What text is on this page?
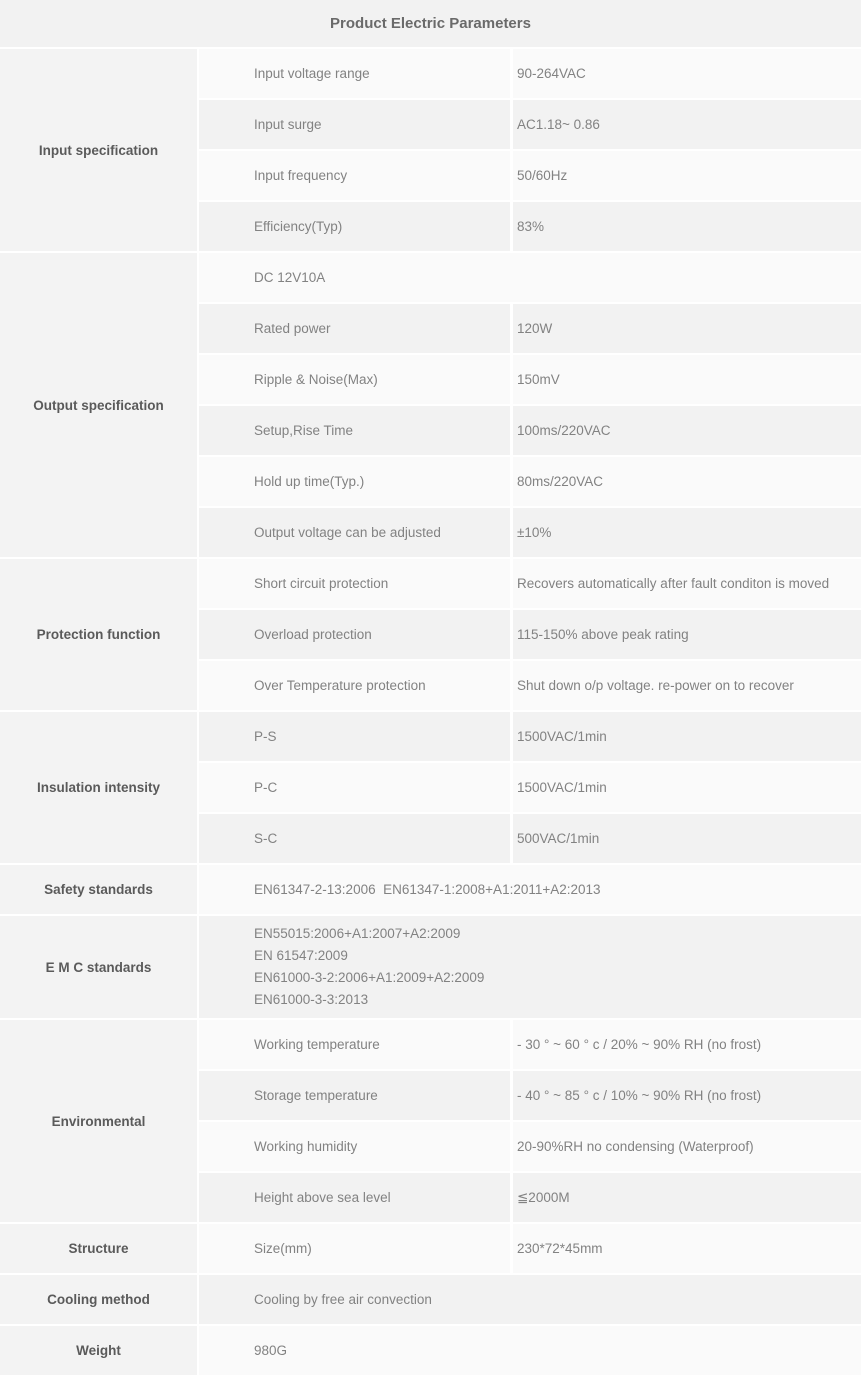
Product Electric Parameters
Input specification
Input voltage range	90-264VAC
Input surge	AC1.18~ 0.86
Input frequency	50/60Hz
Efficiency(Typ)	83%
Output specification
DC 12V10A
Rated power	120W
Ripple & Noise(Max)	150mV
Setup,Rise Time	100ms/220VAC
Hold up time(Typ.)	80ms/220VAC
Output voltage can be adjusted	±10%
Protection function
Short circuit protection	Recovers automatically after fault conditon is moved
Overload protection	115-150% above peak rating
Over Temperature protection	Shut down o/p voltage. re-power on to recover
Insulation intensity
P-S	1500VAC/1min
P-C	1500VAC/1min
S-C	500VAC/1min
Safety standards	EN61347-2-13:2006  EN61347-1:2008+A1:2011+A2:2013
E M C standards
EN55015:2006+A1:2007+A2:2009
EN 61547:2009
EN61000-3-2:2006+A1:2009+A2:2009
EN61000-3-3:2013
Environmental
Working temperature	- 30 ° ~ 60 ° c / 20% ~ 90% RH (no frost)
Storage temperature	- 40 ° ~ 85 ° c / 10% ~ 90% RH (no frost)
Working humidity	20-90%RH no condensing (Waterproof)
Height above sea level	≦2000M
Structure	Size(mm)	230*72*45mm
Cooling method	Cooling by free air convection
Weight	980G
